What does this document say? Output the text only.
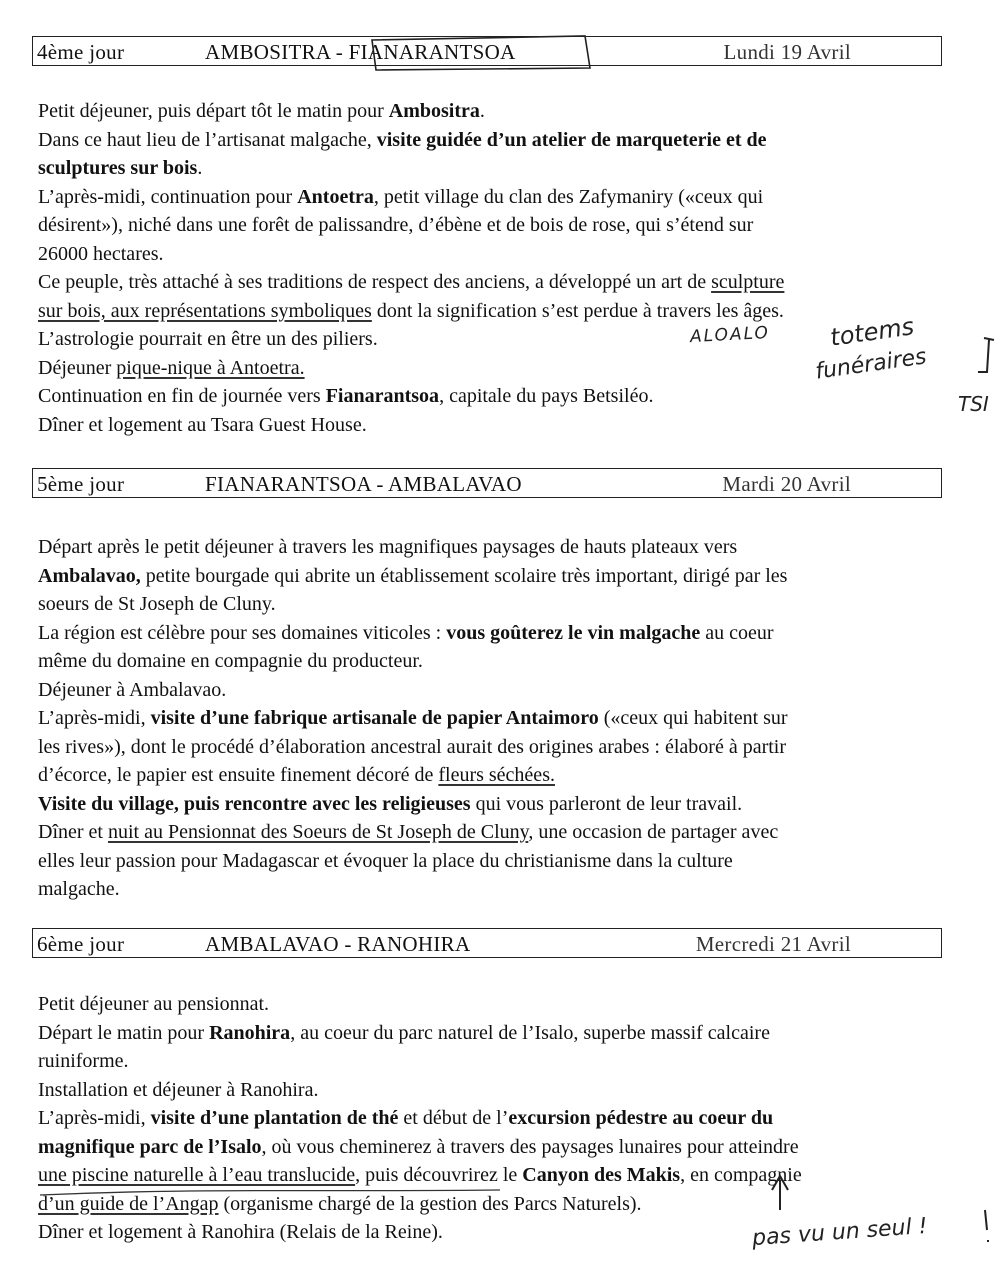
4ème jour	AMBOSITRA - FIANARANTSOA	Lundi 19 Avril

Petit déjeuner, puis départ tôt le matin pour Ambositra.

Dans ce haut lieu de l’artisanat malgache, visite guidée d’un atelier de marqueterie et de

sculptures sur bois.

L’après-midi, continuation pour Antoetra, petit village du clan des Zafymaniry («ceux qui

désirent»), niché dans une forêt de palissandre, d’ébène et de bois de rose, qui s’étend sur

26000 hectares.

Ce peuple, très attaché à ses traditions de respect des anciens, a développé un art de sculpture

sur bois, aux représentations symboliques dont la signification s’est perdue à travers les âges.

L’astrologie pourrait en être un des piliers.

Déjeuner pique-nique à Antoetra.

Continuation en fin de journée vers Fianarantsoa, capitale du pays Betsiléo.

Dîner et logement au Tsara Guest House.

5ème jour	FIANARANTSOA - AMBALAVAO	Mardi 20 Avril

Départ après le petit déjeuner à travers les magnifiques paysages de hauts plateaux vers

Ambalavao, petite bourgade qui abrite un établissement scolaire très important, dirigé par les

soeurs de St Joseph de Cluny.

La région est célèbre pour ses domaines viticoles : vous goûterez le vin malgache au coeur

même du domaine en compagnie du producteur.

Déjeuner à Ambalavao.

L’après-midi, visite d’une fabrique artisanale de papier Antaimoro («ceux qui habitent sur

les rives»), dont le procédé d’élaboration ancestral aurait des origines arabes : élaboré à partir

d’écorce, le papier est ensuite finement décoré de fleurs séchées.

Visite du village, puis rencontre avec les religieuses qui vous parleront de leur travail.

Dîner et nuit au Pensionnat des Soeurs de St Joseph de Cluny, une occasion de partager avec

elles leur passion pour Madagascar et évoquer la place du christianisme dans la culture

malgache.

6ème jour	AMBALAVAO - RANOHIRA	Mercredi 21 Avril

Petit déjeuner au pensionnat.

Départ le matin pour Ranohira, au coeur du parc naturel de l’Isalo, superbe massif calcaire

ruiniforme.

Installation et déjeuner à Ranohira.

L’après-midi, visite d’une plantation de thé et début de l’excursion pédestre au coeur du

magnifique parc de l’Isalo, où vous cheminerez à travers des paysages lunaires pour atteindre

une piscine naturelle à l’eau translucide, puis découvrirez le Canyon des Makis, en compagnie

d’un guide de l’Angap (organisme chargé de la gestion des Parcs Naturels).

Dîner et logement à Ranohira (Relais de la Reine).

ALOALO totems
funéraires
TSI
pas vu un seul !
